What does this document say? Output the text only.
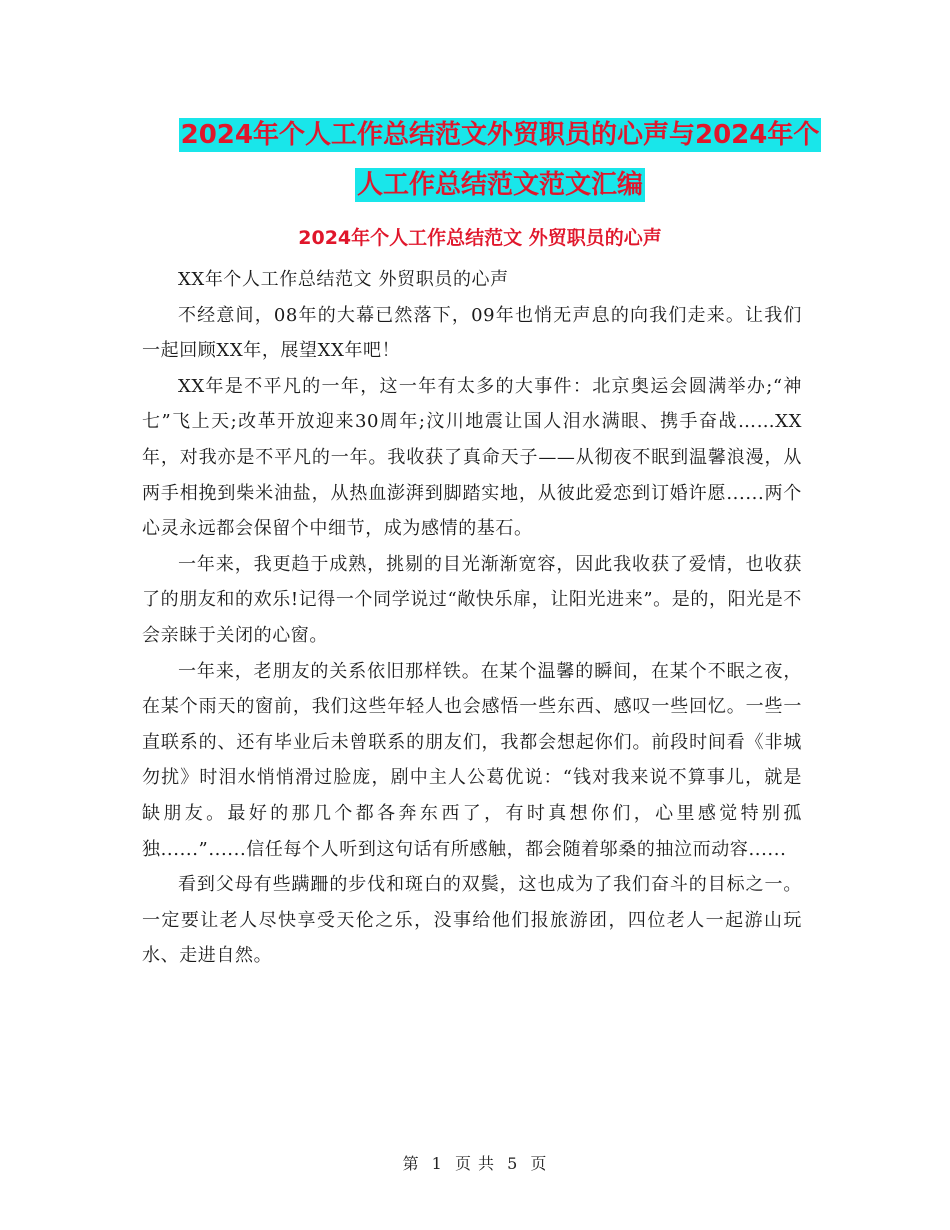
2024年个人工作总结范文外贸职员的心声与2024年个
人工作总结范文范文汇编
2024年个人工作总结范文 外贸职员的心声

XX年个人工作总结范文 外贸职员的心声

不经意间，08年的大幕已然落下，09年也悄无声息的向我们走来。让我们一起回顾XX年，展望XX年吧！

XX年是不平凡的一年，这一年有太多的大事件：北京奥运会圆满举办;“神七”飞上天;改革开放迎来30周年;汶川地震让国人泪水满眼、携手奋战……XX年，对我亦是不平凡的一年。我收获了真命天子——从彻夜不眠到温馨浪漫，从两手相挽到柴米油盐，从热血澎湃到脚踏实地，从彼此爱恋到订婚许愿......两个心灵永远都会保留个中细节，成为感情的基石。

一年来，我更趋于成熟，挑剔的目光渐渐宽容，因此我收获了爱情，也收获了的朋友和的欢乐!记得一个同学说过“敞快乐扉，让阳光进来”。是的，阳光是不会亲睐于关闭的心窗。

一年来，老朋友的关系依旧那样铁。在某个温馨的瞬间，在某个不眠之夜，在某个雨天的窗前，我们这些年轻人也会感悟一些东西、感叹一些回忆。一些一直联系的、还有毕业后未曾联系的朋友们，我都会想起你们。前段时间看《非城勿扰》时泪水悄悄滑过脸庞，剧中主人公葛优说：“钱对我来说不算事儿，就是缺朋友。最好的那几个都各奔东西了，有时真想你们，心里感觉特别孤独......”......信任每个人听到这句话有所感触，都会随着邬桑的抽泣而动容......

看到父母有些蹒跚的步伐和斑白的双鬓，这也成为了我们奋斗的目标之一。一定要让老人尽快享受天伦之乐，没事给他们报旅游团，四位老人一起游山玩水、走进自然。

第 1 页 共 5 页
